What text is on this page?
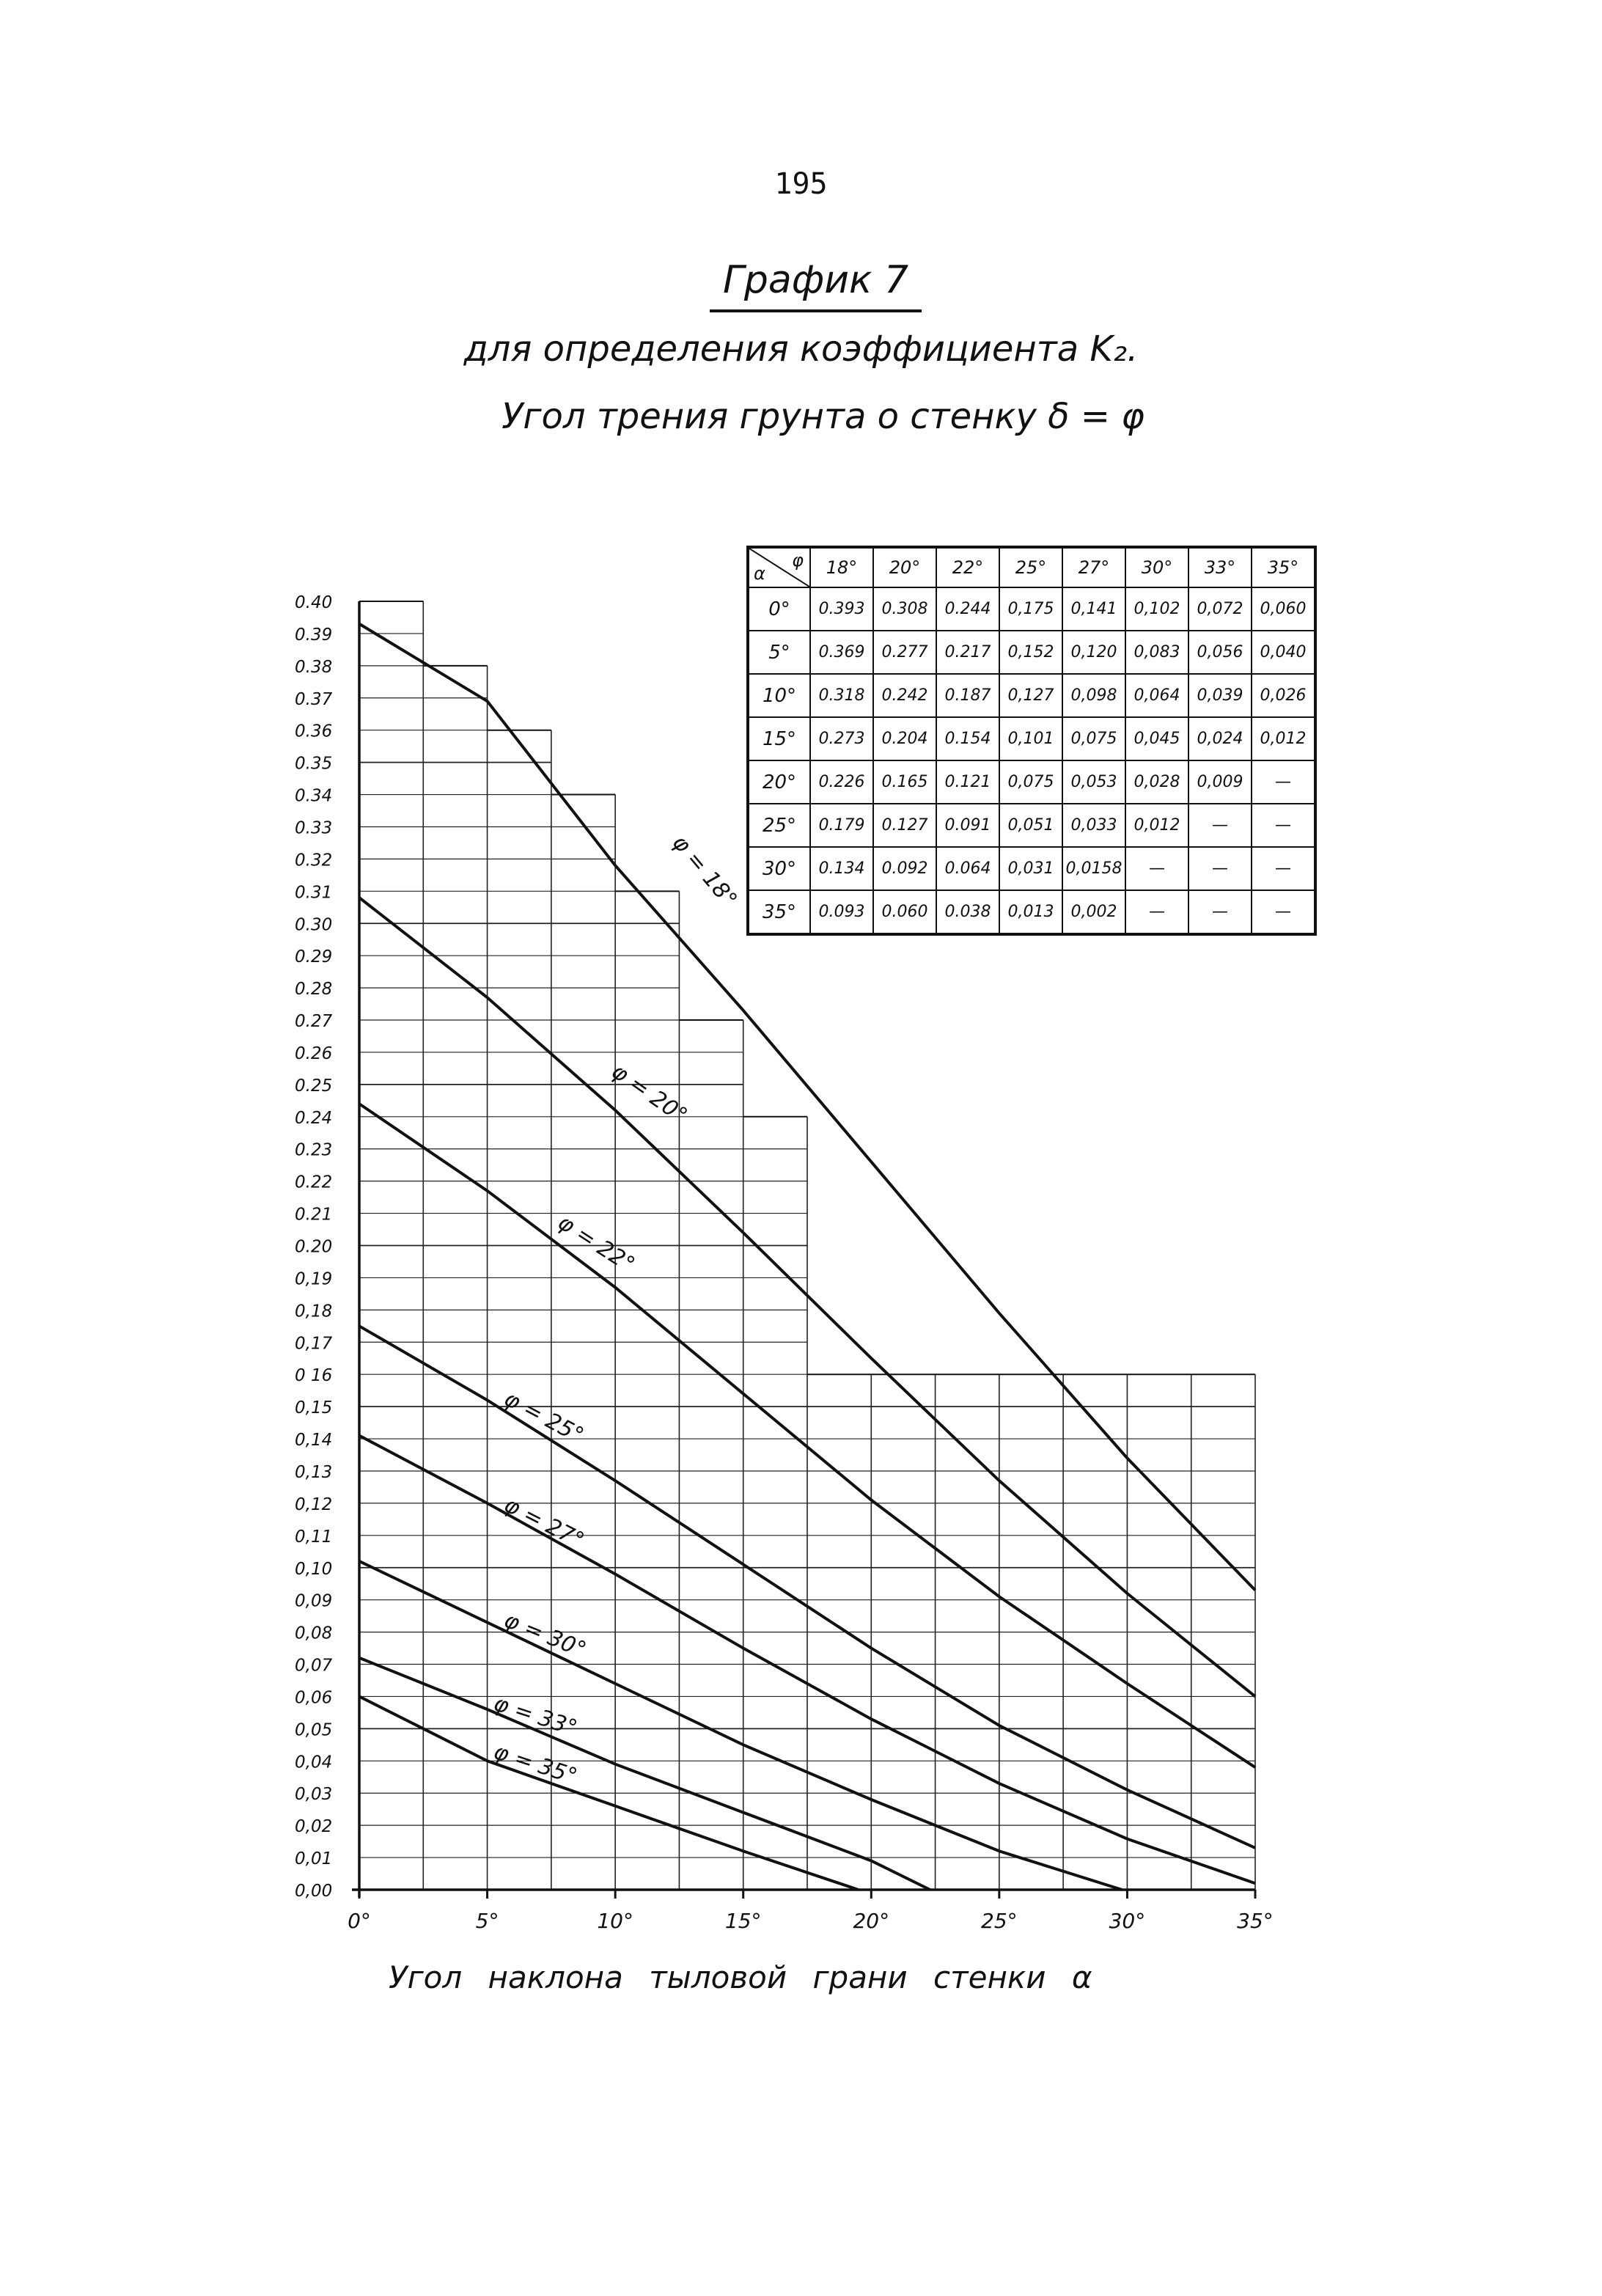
195
График 7
для определения коэффициента K₂.
Угол трения грунта о стенку δ = φ
0,00
0,01
0,02
0,03
0,04
0,05
0,06
0,07
0,08
0,09
0,10
0,11
0,12
0,13
0,14
0,15
0 16
0,17
0,18
0,19
0.20
0.21
0.22
0.23
0.24
0.25
0.26
0.27
0.28
0.29
0.30
0.31
0.32
0.33
0.34
0.35
0.36
0.37
0.38
0.39
0.40
0°	5°	10°	15°	20°	25°	30°	35°
φ = 18°
φ = 20°
φ = 22°
φ = 25°
φ = 27°
φ = 30°
φ = 33°
φ = 35°
α
φ	18°	20°	22°	25°	27°	30°	33°	35°
0°	0.393	0.308	0.244	0,175	0,141	0,102	0,072	0,060
5°	0.369	0.277	0.217	0,152	0,120	0,083	0,056	0,040
10°	0.318	0.242	0.187	0,127	0,098	0,064	0,039	0,026
15°	0.273	0.204	0.154	0,101	0,075	0,045	0,024	0,012
20°	0.226	0.165	0.121	0,075	0,053	0,028	0,009	—
25°	0.179	0.127	0.091	0,051	0,033	0,012	—	—
30°	0.134	0.092	0.064	0,031	0,0158	—	—	—
35°	0.093	0.060	0.038	0,013	0,002	—	—	—
Угол наклона тыловой грани стенки α
